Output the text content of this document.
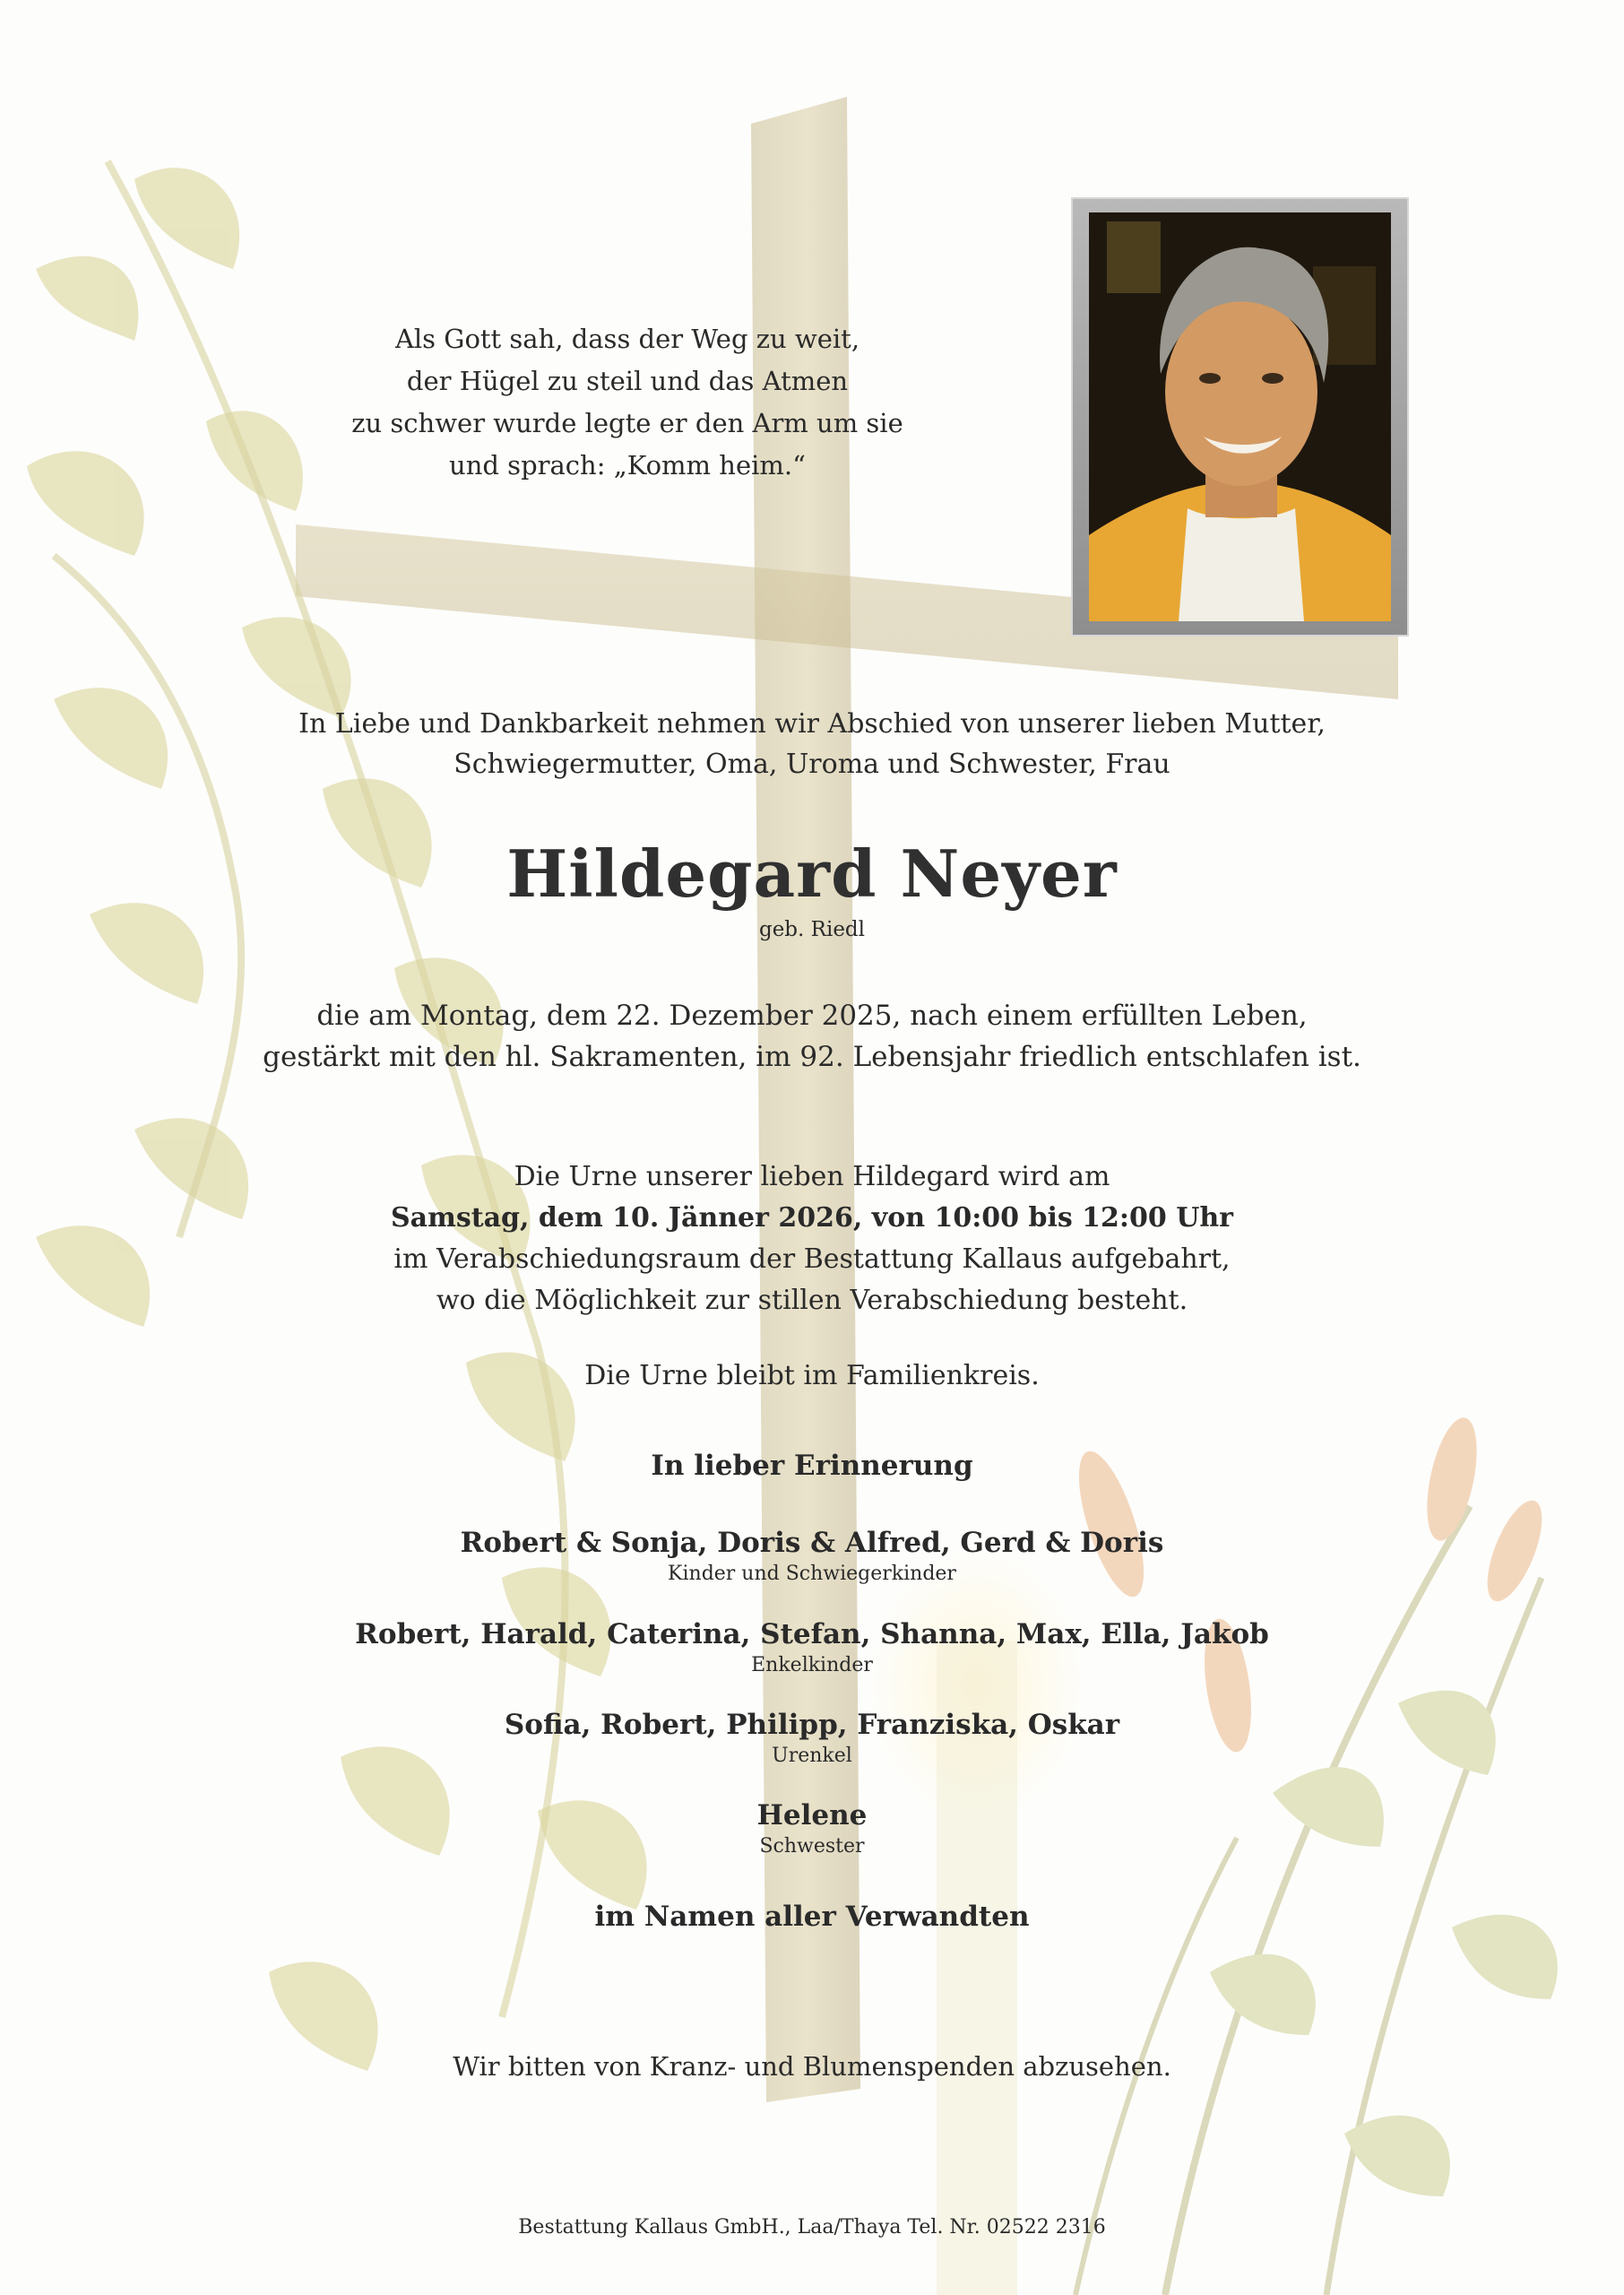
Als Gott sah, dass der Weg zu weit,
der Hügel zu steil und das Atmen
zu schwer wurde legte er den Arm um sie
und sprach: „Komm heim.“
In Liebe und Dankbarkeit nehmen wir Abschied von unserer lieben Mutter,
Schwiegermutter, Oma, Uroma und Schwester, Frau
Hildegard Neyer
geb. Riedl
die am Montag, dem 22. Dezember 2025, nach einem erfüllten Leben,
gestärkt mit den hl. Sakramenten, im 92. Lebensjahr friedlich entschlafen ist.
Die Urne unserer lieben Hildegard wird am
Samstag, dem 10. Jänner 2026, von 10:00 bis 12:00 Uhr
im Verabschiedungsraum der Bestattung Kallaus aufgebahrt,
wo die Möglichkeit zur stillen Verabschiedung besteht.
Die Urne bleibt im Familienkreis.
In lieber Erinnerung
Robert & Sonja, Doris & Alfred, Gerd & Doris
Kinder und Schwiegerkinder
Robert, Harald, Caterina, Stefan, Shanna, Max, Ella, Jakob
Enkelkinder
Sofia, Robert, Philipp, Franziska, Oskar
Urenkel
Helene
Schwester
im Namen aller Verwandten
Wir bitten von Kranz- und Blumenspenden abzusehen.
Bestattung Kallaus GmbH., Laa/Thaya Tel. Nr. 02522 2316
